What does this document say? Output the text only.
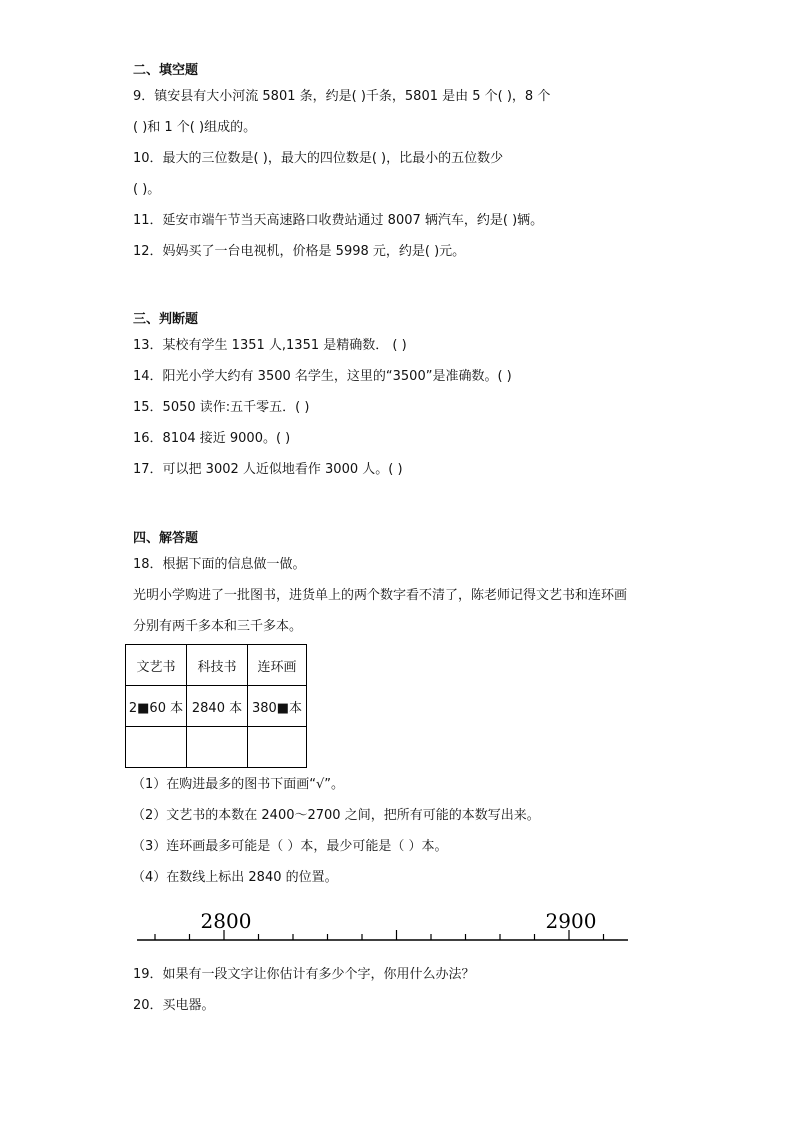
二、填空题
9．镇安县有大小河流 5801 条，约是( )千条，5801 是由 5 个( )，8 个
( )和 1 个( )组成的。
10．最大的三位数是( )，最大的四位数是( )，比最小的五位数少
( )。
11．延安市端午节当天高速路口收费站通过 8007 辆汽车，约是( )辆。
12．妈妈买了一台电视机，价格是 5998 元，约是( )元。
三、判断题
13．某校有学生 1351 人,1351 是精确数． ( )
14．阳光小学大约有 3500 名学生，这里的“3500”是准确数。( )
15．5050 读作:五千零五．( )
16．8104 接近 9000。( )
17．可以把 3002 人近似地看作 3000 人。( )
四、解答题
18．根据下面的信息做一做。
光明小学购进了一批图书，进货单上的两个数字看不清了，陈老师记得文艺书和连环画
分别有两千多本和三千多本。
文艺书	科技书	连环画
2■60 本	2840 本	380■本

（1）在购进最多的图书下面画“√”。
（2）文艺书的本数在 2400～2700 之间，把所有可能的本数写出来。
（3）连环画最多可能是（ ）本，最少可能是（ ）本。
（4）在数线上标出 2840 的位置。
2800	2900
19．如果有一段文字让你估计有多少个字，你用什么办法？
20．买电器。
